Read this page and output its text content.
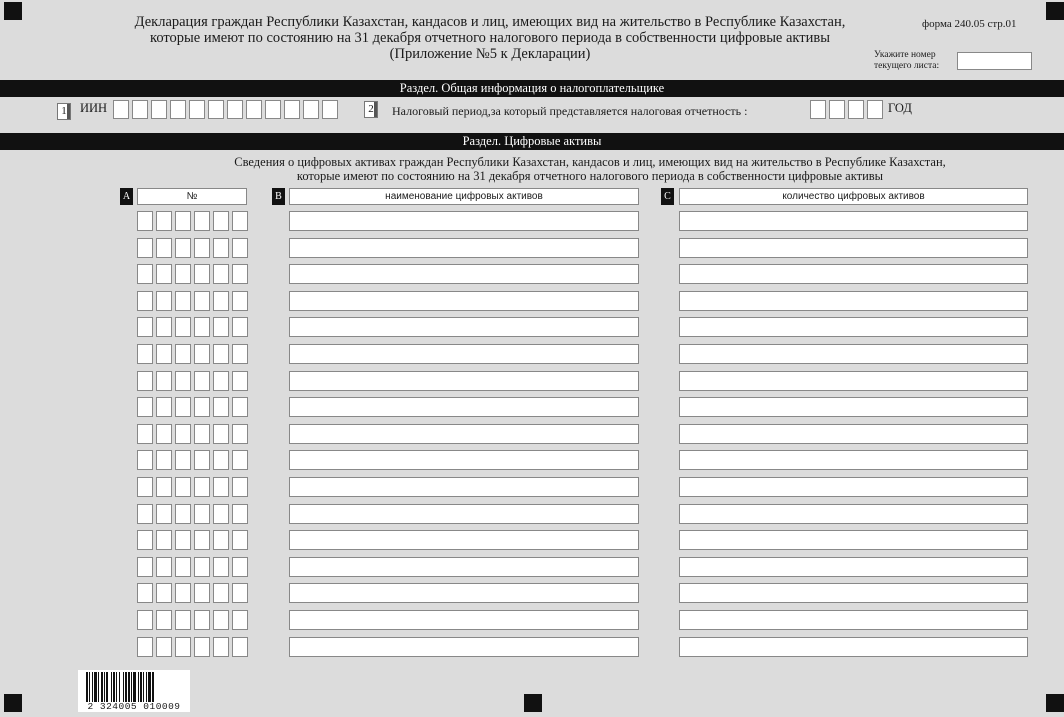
Декларация граждан Республики Казахстан, кандасов и лиц, имеющих вид на жительство в Республике Казахстан,
которые имеют по состоянию на 31 декабря отчетного налогового периода в собственности цифровые активы
(Приложение №5 к Декларации)
форма 240.05 стр.01
Укажите номер
текущего листа:
Раздел. Общая информация о налогоплательщике
1	ИИН	2	Налоговый период,за который представляется налоговая отчетность :	ГОД
Раздел. Цифровые активы
Сведения о цифровых активах граждан Республики Казахстан, кандасов и лиц, имеющих вид на жительство в Республике Казахстан,
которые имеют по состоянию на 31 декабря отчетного налогового периода в собственности цифровые активы
A	№	B	наименование цифровых активов	C	количество цифровых активов
2 324005 010009
